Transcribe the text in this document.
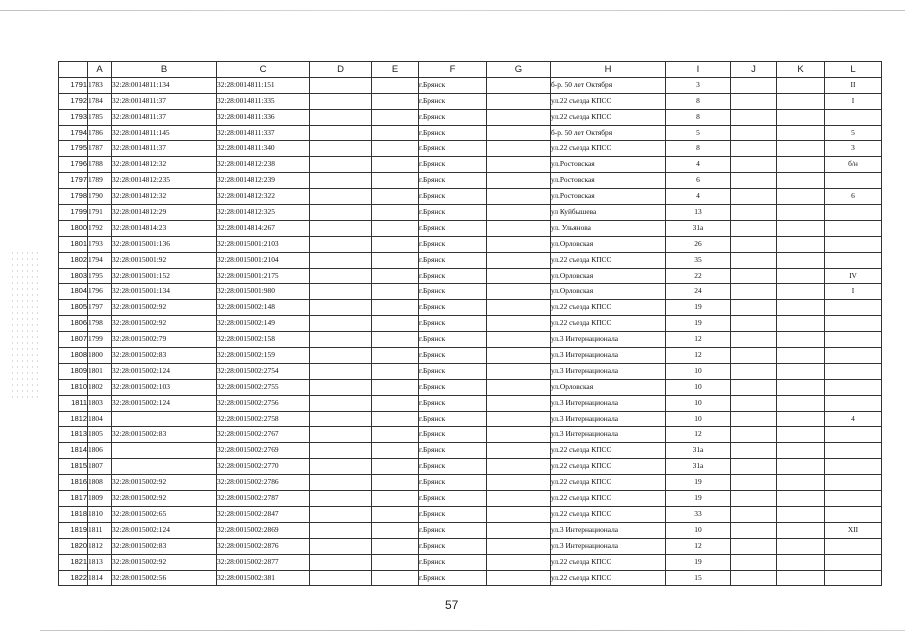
	A	B	C	D	E	F	G	H	I	J	K	L
1791	1783	32:28:0014811:134	32:28:0014811:151			г.Брянск		б-р. 50 лет Октября	3			II
1792	1784	32:28:0014811:37	32:28:0014811:335			г.Брянск		ул.22 съезда КПСС	8			I
1793	1785	32:28:0014811:37	32:28:0014811:336			г.Брянск		ул.22 съезда КПСС	8			
1794	1786	32:28:0014811:145	32:28:0014811:337			г.Брянск		б-р. 50 лет Октября	5			5
1795	1787	32:28:0014811:37	32:28:0014811:340			г.Брянск		ул.22 съезда КПСС	8			3
1796	1788	32:28:0014812:32	32:28:0014812:238			г.Брянск		ул.Ростовская	4			б/н
1797	1789	32:28:0014812:235	32:28:0014812:239			г.Брянск		ул.Ростовская	6			
1798	1790	32:28:0014812:32	32:28:0014812:322			г.Брянск		ул.Ростовская	4			6
1799	1791	32:28:0014812:29	32:28:0014812:325			г.Брянск		ул Куйбышева	13			
1800	1792	32:28:0014814:23	32:28:0014814:267			г.Брянск		ул. Ульянова	31а			
1801	1793	32:28:0015001:136	32:28:0015001:2103			г.Брянск		ул.Орловская	26			
1802	1794	32:28:0015001:92	32:28:0015001:2104			г.Брянск		ул.22 съезда КПСС	35			
1803	1795	32:28:0015001:152	32:28:0015001:2175			г.Брянск		ул.Орловская	22			IV
1804	1796	32:28:0015001:134	32:28:0015001:980			г.Брянск		ул.Орловская	24			I
1805	1797	32:28:0015002:92	32:28:0015002:148			г.Брянск		ул.22 съезда КПСС	19			
1806	1798	32:28:0015002:92	32:28:0015002:149			г.Брянск		ул.22 съезда КПСС	19			
1807	1799	32:28:0015002:79	32:28:0015002:158			г.Брянск		ул.3 Интернационала	12			
1808	1800	32:28:0015002:83	32:28:0015002:159			г.Брянск		ул.3 Интернационала	12			
1809	1801	32:28:0015002:124	32:28:0015002:2754			г.Брянск		ул.3 Интернационала	10			
1810	1802	32:28:0015002:103	32:28:0015002:2755			г.Брянск		ул.Орловская	10			
1811	1803	32:28:0015002:124	32:28:0015002:2756			г.Брянск		ул.3 Интернационала	10			
1812	1804		32:28:0015002:2758			г.Брянск		ул.3 Интернационала	10			4
1813	1805	32:28:0015002:83	32:28:0015002:2767			г.Брянск		ул.3 Интернационала	12			
1814	1806		32:28:0015002:2769			г.Брянск		ул.22 съезда КПСС	31а			
1815	1807		32:28:0015002:2770			г.Брянск		ул.22 съезда КПСС	31а			
1816	1808	32:28:0015002:92	32:28:0015002:2786			г.Брянск		ул.22 съезда КПСС	19			
1817	1809	32:28:0015002:92	32:28:0015002:2787			г.Брянск		ул.22 съезда КПСС	19			
1818	1810	32:28:0015002:65	32:28:0015002:2847			г.Брянск		ул.22 съезда КПСС	33			
1819	1811	32:28:0015002:124	32:28:0015002:2869			г.Брянск		ул.3 Интернационала	10			XII
1820	1812	32:28:0015002:83	32:28:0015002:2876			г.Брянск		ул.3 Интернационала	12			
1821	1813	32:28:0015002:92	32:28:0015002:2877			г.Брянск		ул.22 съезда КПСС	19			
1822	1814	32:28:0015002:56	32:28:0015002:381			г.Брянск		ул.22 съезда КПСС	15			
57
